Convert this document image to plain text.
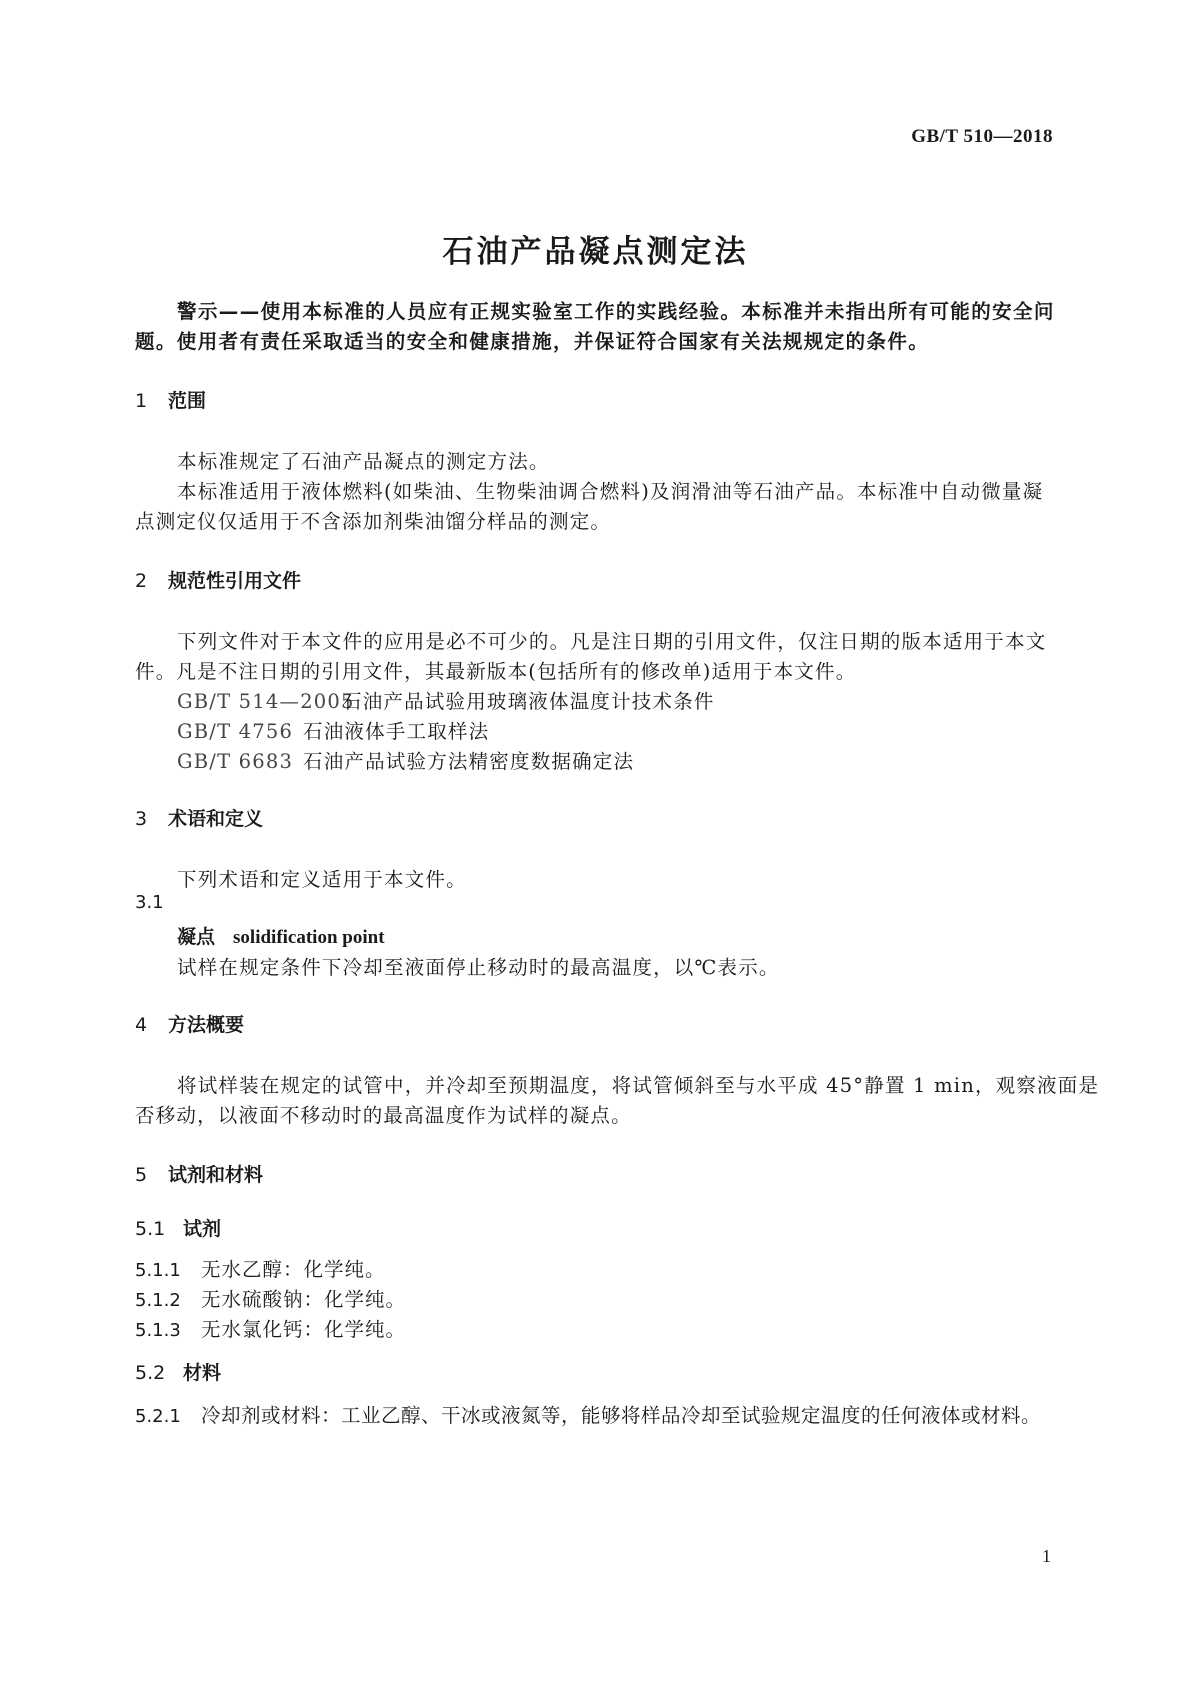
GB/T 510—2018
石油产品凝点测定法
警示——使用本标准的人员应有正规实验室工作的实践经验。本标准并未指出所有可能的安全问
题。使用者有责任采取适当的安全和健康措施，并保证符合国家有关法规规定的条件。
1 范围
本标准规定了石油产品凝点的测定方法。
本标准适用于液体燃料(如柴油、生物柴油调合燃料)及润滑油等石油产品。本标准中自动微量凝
点测定仪仅适用于不含添加剂柴油馏分样品的测定。
2 规范性引用文件
下列文件对于本文件的应用是必不可少的。凡是注日期的引用文件，仅注日期的版本适用于本文
件。凡是不注日期的引用文件，其最新版本(包括所有的修改单)适用于本文件。
GB/T 514—2005石油产品试验用玻璃液体温度计技术条件
GB/T 4756 石油液体手工取样法
GB/T 6683 石油产品试验方法精密度数据确定法
3 术语和定义
下列术语和定义适用于本文件。
3.1
凝点 solidification point
试样在规定条件下冷却至液面停止移动时的最高温度，以℃表示。
4 方法概要
将试样装在规定的试管中，并冷却至预期温度，将试管倾斜至与水平成 45°静置 1 min，观察液面是
否移动，以液面不移动时的最高温度作为试样的凝点。
5 试剂和材料
5.1 试剂
5.1.1 无水乙醇：化学纯。
5.1.2 无水硫酸钠：化学纯。
5.1.3 无水氯化钙：化学纯。
5.2 材料
5.2.1 冷却剂或材料：工业乙醇、干冰或液氮等，能够将样品冷却至试验规定温度的任何液体或材料。
1
